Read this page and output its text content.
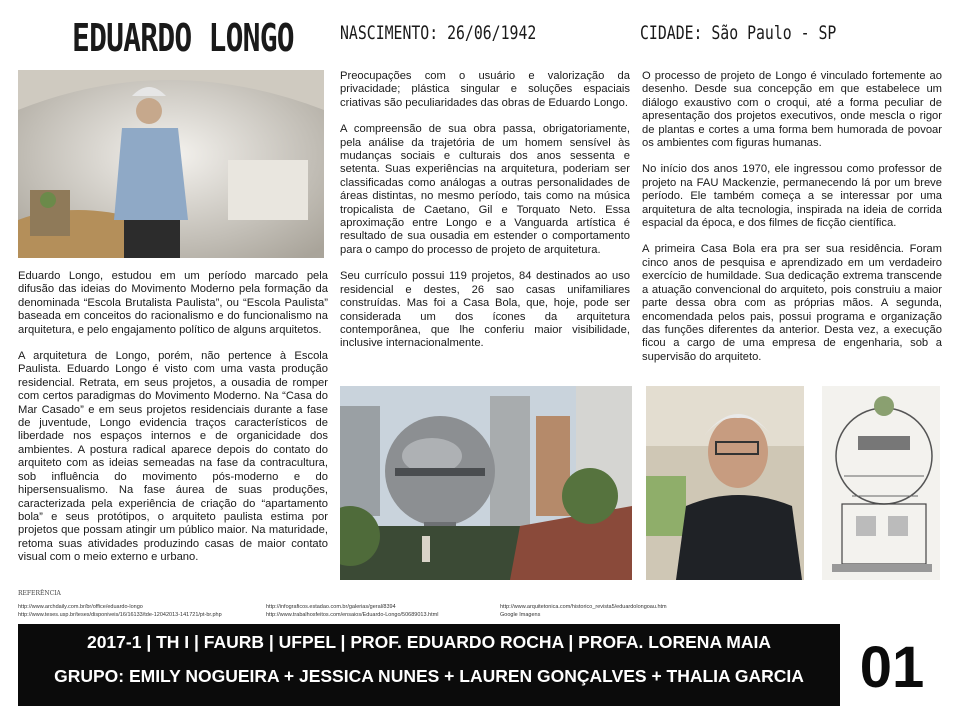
EDUARDO LONGO NASCIMENTO: 26/06/1942	CIDADE: São Paulo - SP

Eduardo Longo, estudou em um período marcado pela difusão das ideias do Movimento Moderno pela formação da denominada “Escola Brutalista Paulista”, ou “Escola Paulista” baseada em conceitos do racionalismo e do funcionalismo na arquitetura, e pelo engajamento político de alguns arquitetos.

A arquitetura de Longo, porém, não pertence à Escola Paulista. Eduardo Longo é visto com uma vasta produção residencial. Retrata, em seus projetos, a ousadia de romper com certos paradigmas do Movimento Moderno. Na “Casa do Mar Casado” e em seus projetos residenciais durante a fase de juventude, Longo evidencia traços característicos de liberdade nos espaços internos e de organicidade dos ambientes. A postura radical aparece depois do contato do arquiteto com as ideias semeadas na fase da contracultura, sob influência do movimento pós-moderno e do hipersensualismo. Na fase áurea de suas produções, caracterizada pela experiência de criação do “apartamento bola” e seus protótipos, o arquiteto paulista estima por projetos que possam atingir um público maior. Na maturidade, retoma suas atividades produzindo casas de maior contato visual com o meio externo e urbano.

Preocupações com o usuário e valorização da privacidade; plástica singular e soluções espaciais criativas são peculiaridades das obras de Eduardo Longo.

A compreensão de sua obra passa, obrigatoriamente, pela análise da trajetória de um homem sensível às mudanças sociais e culturais dos anos sessenta e setenta. Suas experiências na arquitetura, poderiam ser classificadas como análogas a outras personalidades de áreas distintas, no mesmo período, tais como na música tropicalista de Caetano, Gil e Torquato Neto. Essa aproximação entre Longo e a Vanguarda artística é resultado de sua ousadia em estender o comportamento para o campo do processo de projeto de arquitetura.

Seu currículo possui 119 projetos, 84 destinados ao uso residencial e destes, 26 sao casas unifamiliares construídas. Mas foi a Casa Bola, que, hoje, pode ser considerada um dos ícones da arquitetura contemporânea, que lhe conferiu maior visibilidade, inclusive internacionalmente.

O processo de projeto de Longo é vinculado fortemente ao desenho. Desde sua concepção em que estabelece um diálogo exaustivo com o croqui, até a forma peculiar de apresentação dos projetos executivos, onde mescla o rigor de plantas e cortes a uma forma bem humorada de povoar os ambientes com figuras humanas.

No início dos anos 1970, ele ingressou como professor de projeto na FAU Mackenzie, permanecendo lá por um breve período. Ele também começa a se interessar por uma arquitetura de alta tecnologia, inspirada na ideia de corrida espacial da época, e dos filmes de ficção científica.

A primeira Casa Bola era pra ser sua residência. Foram cinco anos de pesquisa e aprendizado em um verdadeiro exercício de humildade. Sua dedicação extrema transcende a atuação convencional do arquiteto, pois construiu a maior parte dessa obra com as próprias mãos. A segunda, encomendada pelos pais, possui programa e organização das funções diferentes da anterior. Desta vez, a execução ficou a cargo de uma empresa de engenharia, sob a supervisão do arquiteto.

REFERÊNCIA
http://www.archdaily.com.br/br/office/eduardo-longo
http://www.teses.usp.br/teses/disponiveis/16/16133/tde-12042013-141721/pt-br.php
http://infograficos.estadao.com.br/galerias/geral/8394
http://www.trabalhosfeitos.com/ensaios/Eduardo-Longo/50689013.html
http://www.arquitetonica.com/historico_revista5/eduardolongoau.htm
Google Imagens
2017-1 | TH I | FAURB | UFPEL | PROF. EDUARDO ROCHA | PROFA. LORENA MAIA
GRUPO: EMILY NOGUEIRA + JESSICA NUNES + LAUREN GONÇALVES + THALIA GARCIA 01
